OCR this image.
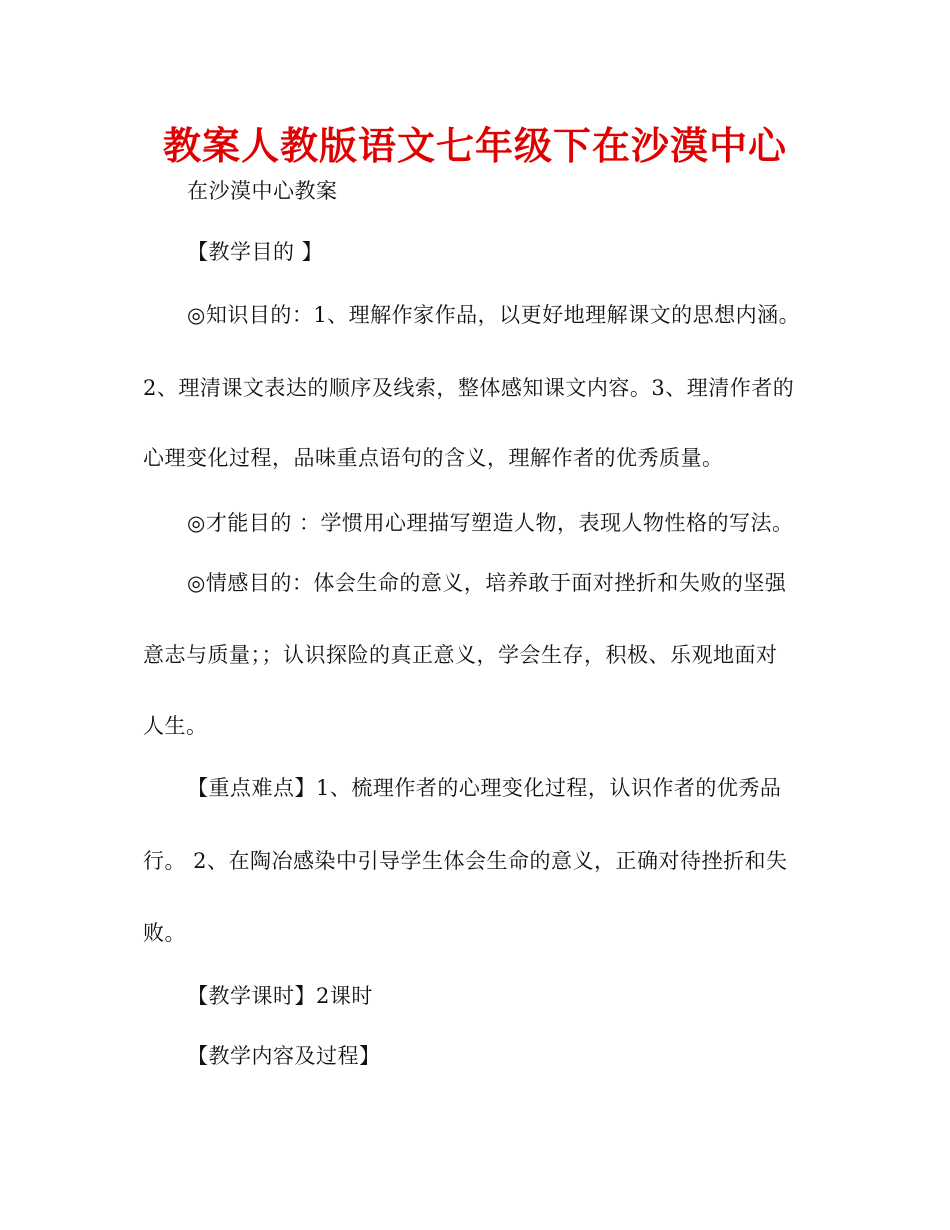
教案人教版语文七年级下在沙漠中心
在沙漠中心教案
【教学目的 】
◎知识目的：1、理解作家作品，以更好地理解课文的思想内涵。
2、理清课文表达的顺序及线索，整体感知课文内容。3、理清作者的
心理变化过程，品味重点语句的含义，理解作者的优秀质量。
◎才能目的 ：学惯用心理描写塑造人物，表现人物性格的写法。
◎情感目的：体会生命的意义，培养敢于面对挫折和失败的坚强
意志与质量；；认识探险的真正意义，学会生存，积极、乐观地面对
人生。
【重点难点】1、梳理作者的心理变化过程，认识作者的优秀品
行。 2、在陶冶感染中引导学生体会生命的意义，正确对待挫折和失
败。
【教学课时】2课时
【教学内容及过程】
